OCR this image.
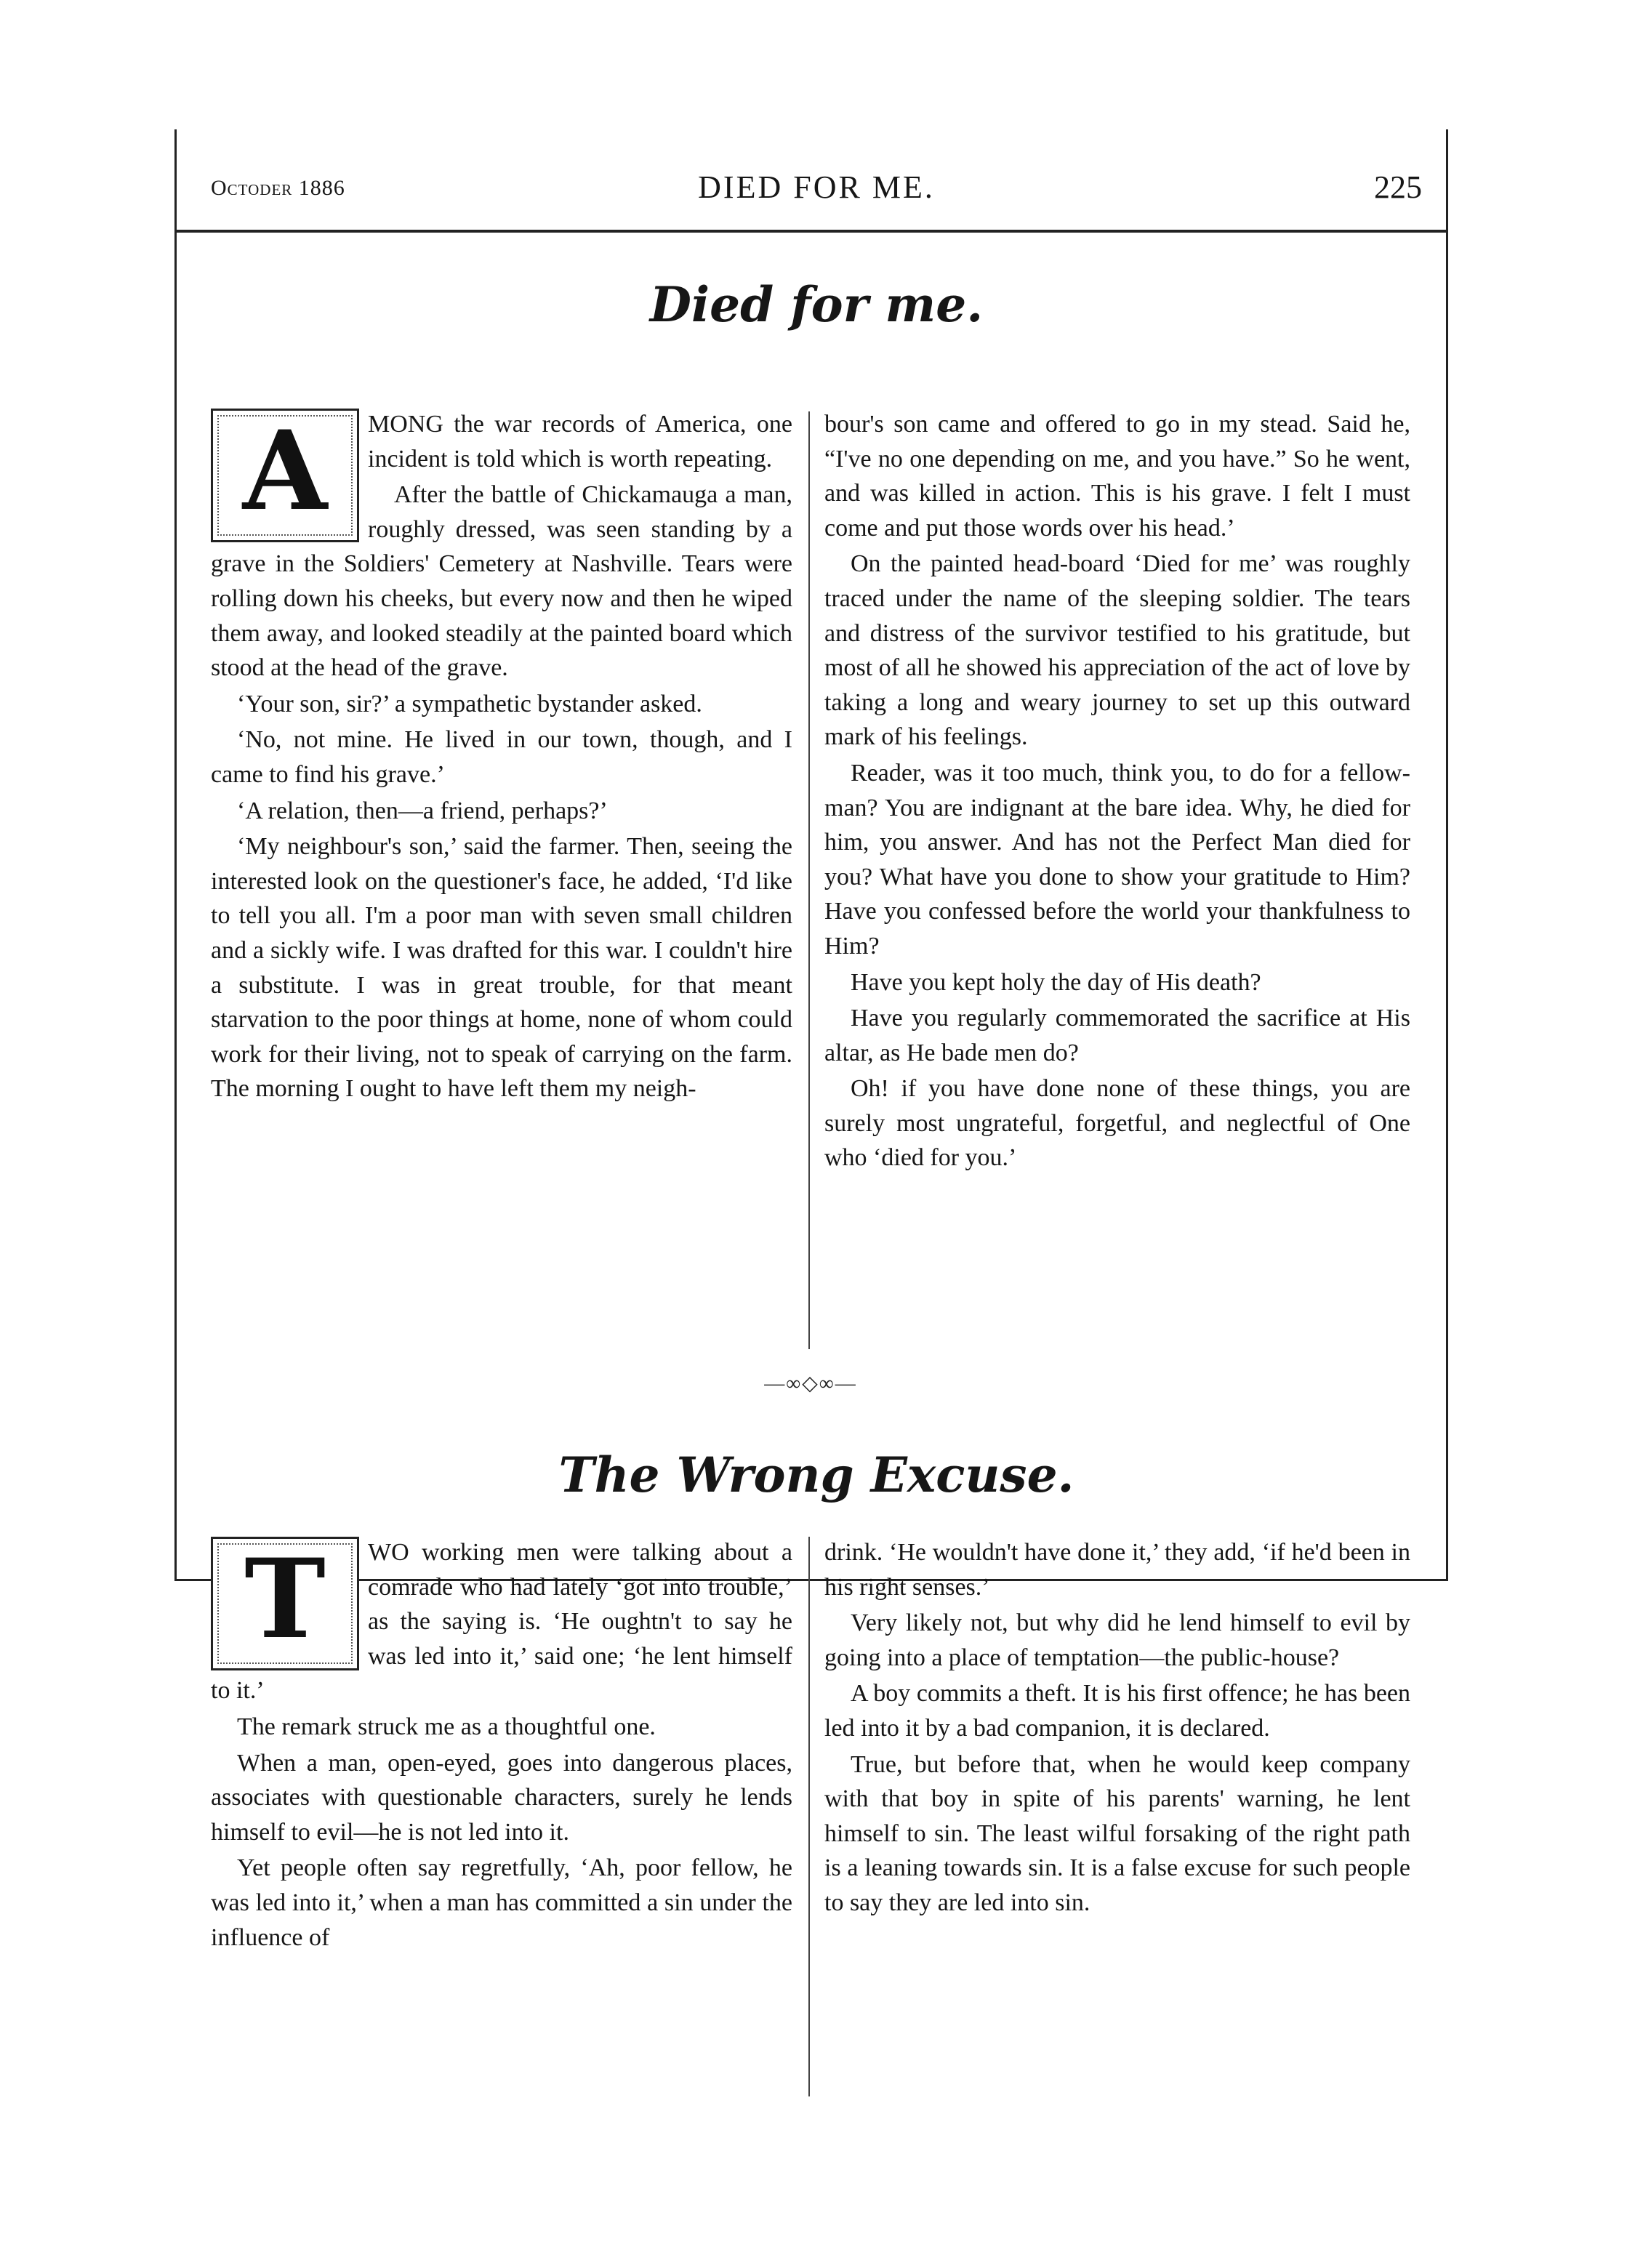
Octoder 1886	DIED FOR ME.	225
Died for me.
A	MONG the war records of America, one incident is told which is worth repeating.

After the battle of Chickamauga a man, roughly dressed, was seen standing by a grave in the Soldiers' Cemetery at Nashville. Tears were rolling down his cheeks, but every now and then he wiped them away, and looked steadily at the painted board which stood at the head of the grave.

‘Your son, sir?’ a sympathetic bystander asked.

‘No, not mine. He lived in our town, though, and I came to find his grave.’

‘A relation, then—a friend, perhaps?’

‘My neighbour's son,’ said the farmer. Then, seeing the interested look on the questioner's face, he added, ‘I'd like to tell you all. I'm a poor man with seven small children and a sickly wife. I was drafted for this war. I couldn't hire a substitute. I was in great trouble, for that meant starvation to the poor things at home, none of whom could work for their living, not to speak of carrying on the farm. The morning I ought to have left them my neigh-

bour's son came and offered to go in my stead. Said he, “I've no one depending on me, and you have.” So he went, and was killed in action. This is his grave. I felt I must come and put those words over his head.’

On the painted head-board ‘Died for me’ was roughly traced under the name of the sleeping soldier. The tears and distress of the survivor testified to his gratitude, but most of all he showed his appreciation of the act of love by taking a long and weary journey to set up this outward mark of his feelings.

Reader, was it too much, think you, to do for a fellow-man? You are indignant at the bare idea. Why, he died for him, you answer. And has not the Perfect Man died for you? What have you done to show your gratitude to Him? Have you confessed before the world your thankfulness to Him?

Have you kept holy the day of His death?

Have you regularly commemorated the sacrifice at His altar, as He bade men do?

Oh! if you have done none of these things, you are surely most ungrateful, forgetful, and neglectful of One who ‘died for you.’

—∞◇∞—
The Wrong Excuse.
T	WO working men were talking about a comrade who had lately ‘got into trouble,’ as the saying is. ‘He oughtn't to say he was led into it,’ said one; ‘he lent himself to it.’

The remark struck me as a thoughtful one.

When a man, open-eyed, goes into dangerous places, associates with questionable characters, surely he lends himself to evil—he is not led into it.

Yet people often say regretfully, ‘Ah, poor fellow, he was led into it,’ when a man has committed a sin under the influence of

drink. ‘He wouldn't have done it,’ they add, ‘if he'd been in his right senses.’

Very likely not, but why did he lend himself to evil by going into a place of temptation—the public-house?

A boy commits a theft. It is his first offence; he has been led into it by a bad companion, it is declared.

True, but before that, when he would keep company with that boy in spite of his parents' warning, he lent himself to sin. The least wilful forsaking of the right path is a leaning towards sin. It is a false excuse for such people to say they are led into sin.
